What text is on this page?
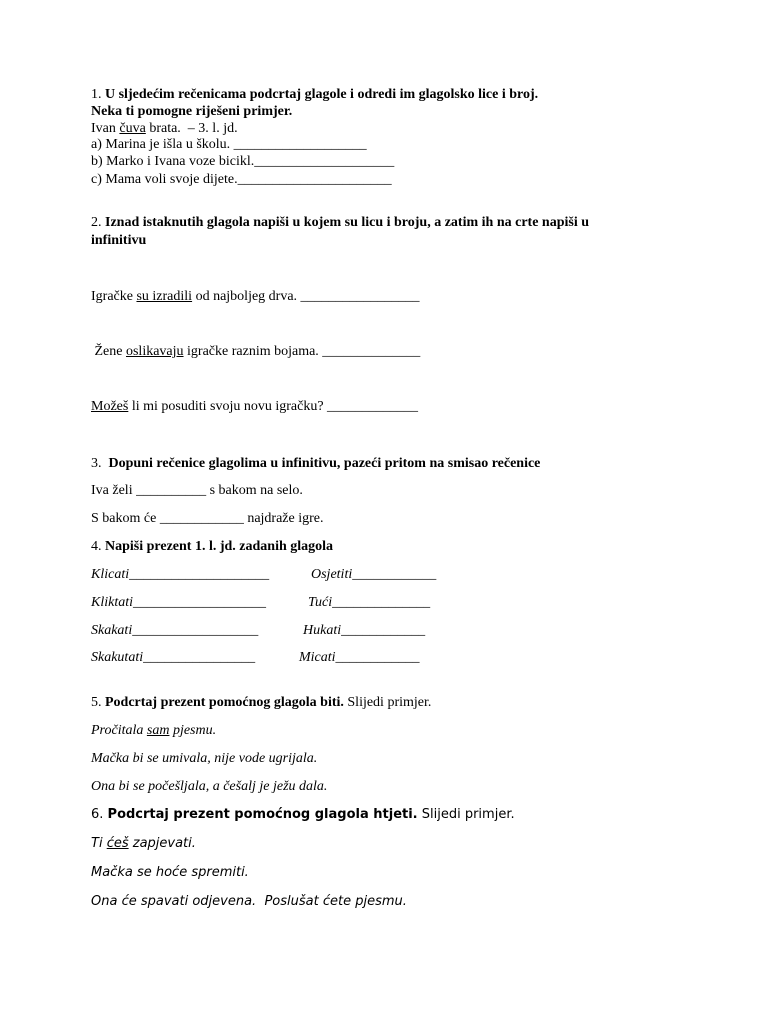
1. U sljedećim rečenicama podcrtaj glagole i odredi im glagolsko lice i broj.
Neka ti pomogne riješeni primjer.
Ivan čuva brata.  – 3. l. jd.
a) Marina je išla u školu. ___________________
b) Marko i Ivana voze bicikl.____________________
c) Mama voli svoje dijete.______________________
2. Iznad istaknutih glagola napiši u kojem su licu i broju, a zatim ih na crte napiši u
infinitivu
Igračke su izradili od najboljeg drva. _________________
Žene oslikavaju igračke raznim bojama. ______________
Možeš li mi posuditi svoju novu igračku? _____________
3.  Dopuni rečenice glagolima u infinitivu, pazeći pritom na smisao rečenice
Iva želi __________ s bakom na selo.
S bakom će ____________ najdraže igre.
4. Napiši prezent 1. l. jd. zadanih glagola
Klicati____________________	Osjetiti____________
Kliktati___________________	Tući______________
Skakati__________________	Hukati____________
Skakutati________________	Micati____________
5. Podcrtaj prezent pomoćnog glagola biti. Slijedi primjer.
Pročitala sam pjesmu.
Mačka bi se umivala, nije vode ugrijala.
Ona bi se počešljala, a češalj je ježu dala.
6. Podcrtaj prezent pomoćnog glagola htjeti. Slijedi primjer.
Ti ćeš zapjevati.
Mačka se hoće spremiti.
Ona će spavati odjevena.  Poslušat ćete pjesmu.
